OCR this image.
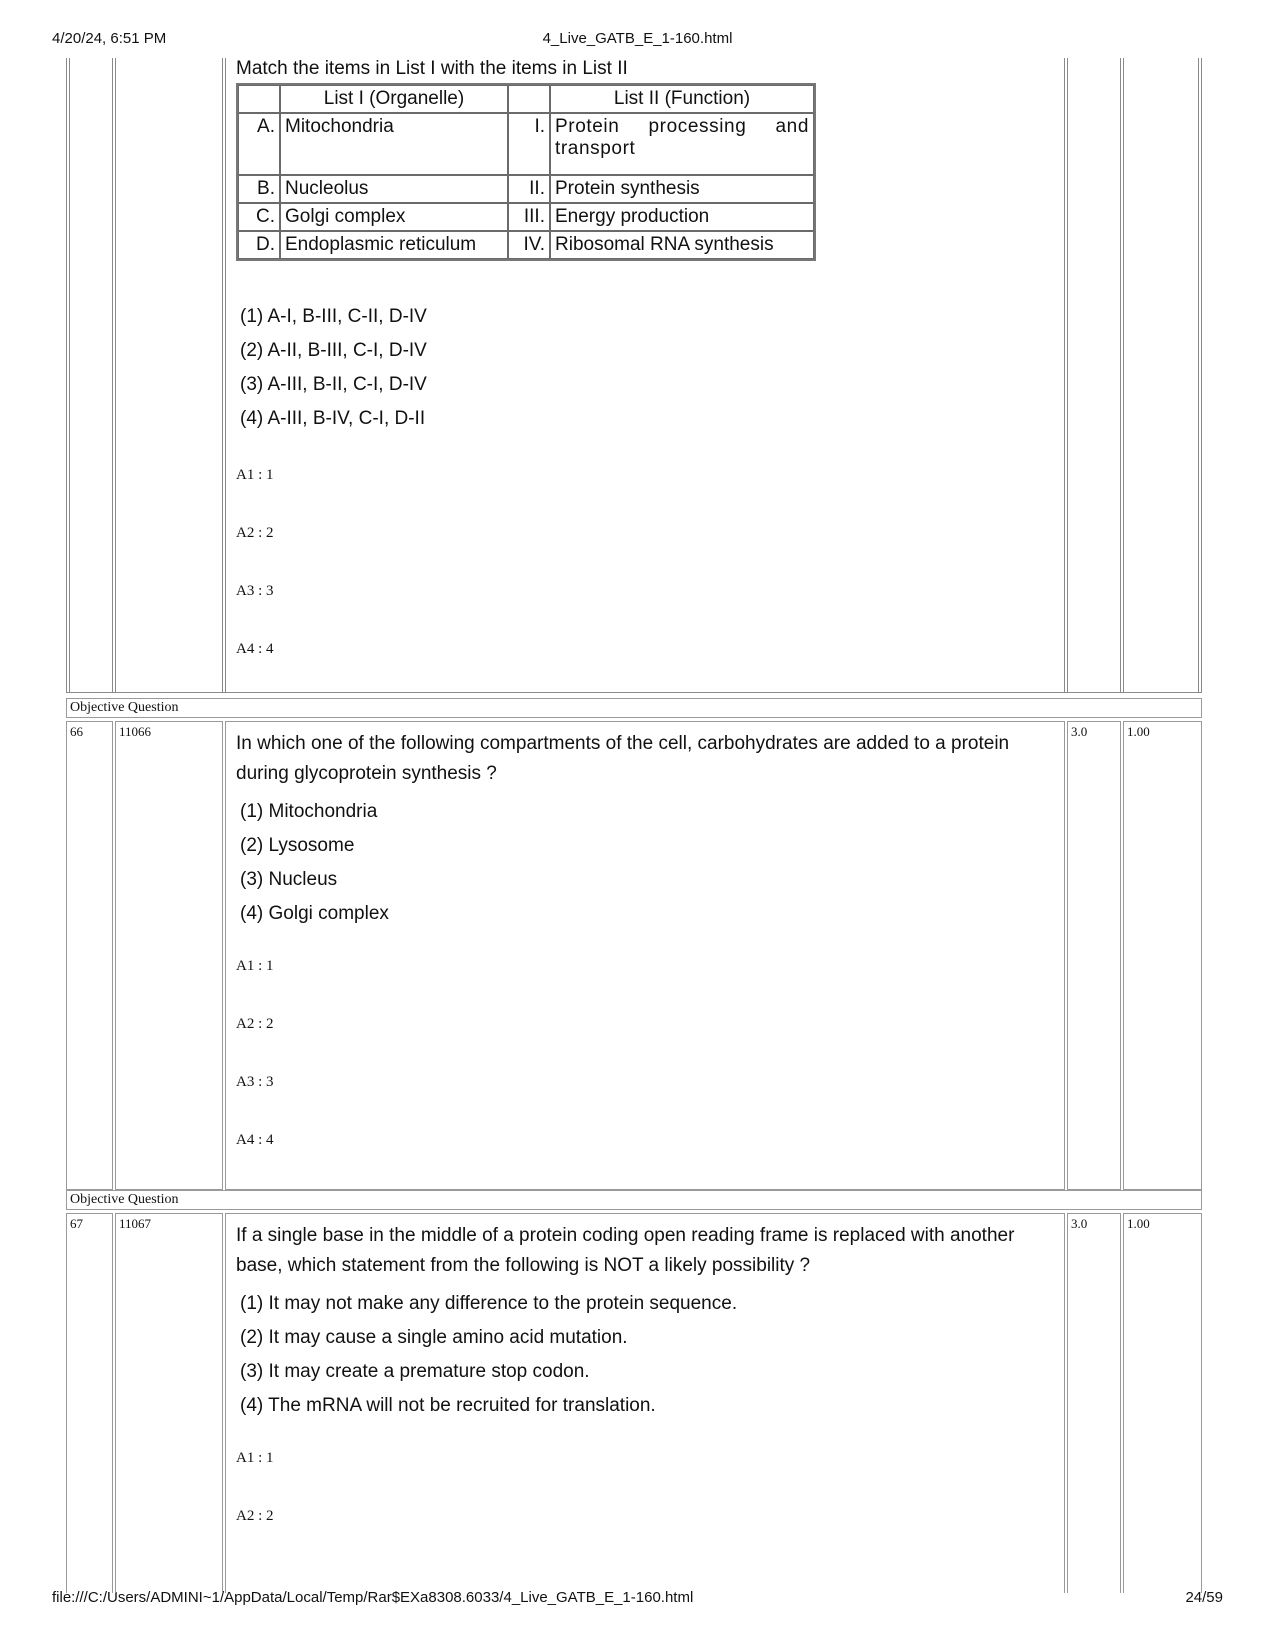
4/20/24, 6:51 PM	4_Live_GATB_E_1-160.html
file:///C:/Users/ADMINI~1/AppData/Local/Temp/Rar$EXa8308.6033/4_Live_GATB_E_1-160.html	24/59
Match the items in List I with the items in List II
	List I (Organelle)		List II (Function)
A.	Mitochondria	I.	Protein processing and transport
B.	Nucleolus	II.	Protein synthesis
C.	Golgi complex	III.	Energy production
D.	Endoplasmic reticulum	IV.	Ribosomal RNA synthesis
(1) A-I, B-III, C-II, D-IV
(2) A-II, B-III, C-I, D-IV
(3) A-III, B-II, C-I, D-IV
(4) A-III, B-IV, C-I, D-II
A1 : 1
A2 : 2
A3 : 3
A4 : 4
Objective Question
66	11066	3.0	1.00
In which one of the following compartments of the cell, carbohydrates are added to a protein during glycoprotein synthesis ?
(1) Mitochondria
(2) Lysosome
(3) Nucleus
(4) Golgi complex
A1 : 1
A2 : 2
A3 : 3
A4 : 4
Objective Question
67	11067	3.0	1.00
If a single base in the middle of a protein coding open reading frame is replaced with another base, which statement from the following is NOT a likely possibility ?
(1) It may not make any difference to the protein sequence.
(2) It may cause a single amino acid mutation.
(3) It may create a premature stop codon.
(4) The mRNA will not be recruited for translation.
A1 : 1
A2 : 2
